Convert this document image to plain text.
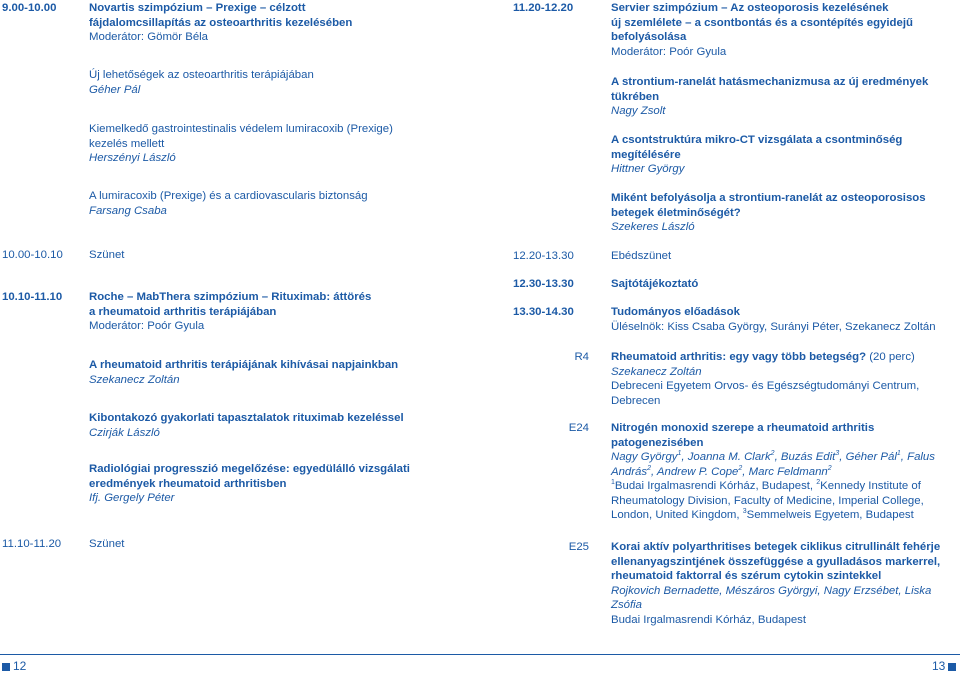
9.00-10.00	Novartis szimpózium – Prexige – célzott
fájdalomcsillapítás az osteoarthritis kezelésében
Moderátor: Gömör Béla
Új lehetőségek az osteoarthritis terápiájában
Géher Pál
Kiemelkedő gastrointestinalis védelem lumiracoxib (Prexige)
kezelés mellett
Herszényi László
A lumiracoxib (Prexige) és a cardiovascularis biztonság
Farsang Csaba
10.00-10.10 Szünet
10.10-11.10 Roche – MabThera szimpózium – Rituximab: áttörés
a rheumatoid arthritis terápiájában
Moderátor: Poór Gyula
A rheumatoid arthritis terápiájának kihívásai napjainkban
Szekanecz Zoltán
Kibontakozó gyakorlati tapasztalatok rituximab kezeléssel
Czirják László
Radiológiai progresszió megelőzése: egyedülálló vizsgálati
eredmények rheumatoid arthritisben
Ifj. Gergely Péter
11.10-11.20 Szünet
11.20-12.20	Servier szimpózium – Az osteoporosis kezelésének
új szemlélete – a csontbontás és a csontépítés egyidejű
befolyásolása
Moderátor: Poór Gyula
A strontium-ranelát hatásmechanizmusa az új eredmények
tükrében
Nagy Zsolt
A csontstruktúra mikro-CT vizsgálata a csontminőség
megítélésére
Hittner György
Miként befolyásolja a strontium-ranelát az osteoporosisos
betegek életminőségét?
Szekeres László
12.20-13.30	Ebédszünet
12.30-13.30	Sajtótájékoztató
13.30-14.30	Tudományos előadások
Üléselnök: Kiss Csaba György, Surányi Péter, Szekanecz Zoltán
R4 Rheumatoid arthritis: egy vagy több betegség? (20 perc)
Szekanecz Zoltán
Debreceni Egyetem Orvos- és Egészségtudományi Centrum,
Debrecen
E24 Nitrogén monoxid szerepe a rheumatoid arthritis
patogenezisében
Nagy György$^1$, Joanna M. Clark$^2$, Buzás Edit$^3$, Géher Pál$^1$, Falus
András$^2$, Andrew P. Cope$^2$, Marc Feldmann$^2$
$^1$Budai Irgalmasrendi Kórház, Budapest, $^2$Kennedy Institute of
Rheumatology Division, Faculty of Medicine, Imperial College,
London, United Kingdom, $^3$Semmelweis Egyetem, Budapest
E25 Korai aktív polyarthritises betegek ciklikus citrullinált fehérje
ellenanyagszintjének összefüggése a gyulladásos markerrel,
rheumatoid faktorral és szérum cytokin szintekkel
Rojkovich Bernadette, Mészáros Györgyi, Nagy Erzsébet, Liska Zsófia
Budai Irgalmasrendi Kórház, Budapest
12	13
